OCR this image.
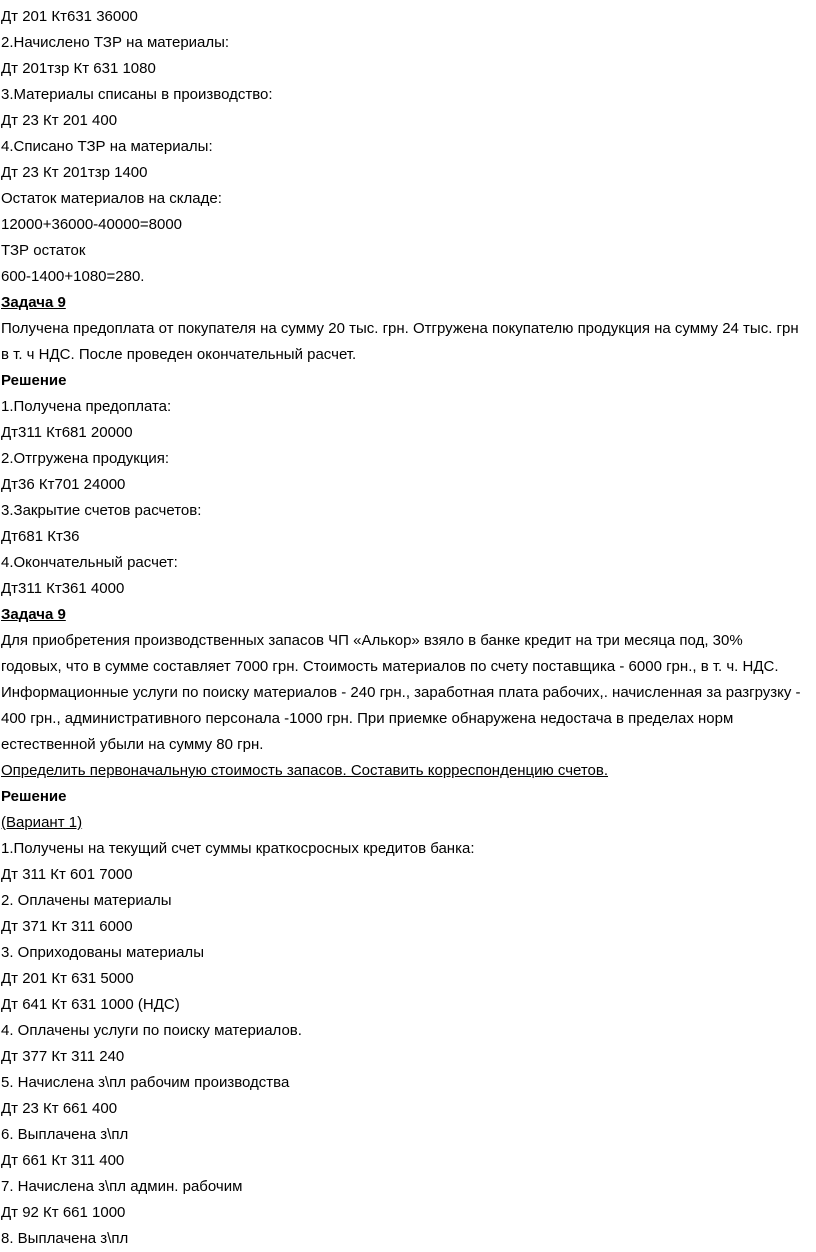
Дт 201 Кт631 36000
2.Начислено ТЗР на материалы:
Дт 201тзр Кт 631 1080
3.Материалы списаны в производство:
Дт 23 Кт 201 400
4.Списано ТЗР на материалы:
Дт 23 Кт 201тзр 1400
Остаток материалов на складе:
12000+36000-40000=8000
ТЗР остаток
600-1400+1080=280.
Задача 9
Получена предоплата от покупателя на сумму 20 тыс. грн. Отгружена покупателю продукция на сумму 24 тыс. грн
в т. ч НДС. После проведен окончательный расчет.
Решение
1.Получена предоплата:
Дт311 Кт681 20000
2.Отгружена продукция:
Дт36 Кт701 24000
3.Закрытие счетов расчетов:
Дт681 Кт36
4.Окончательный расчет:
Дт311 Кт361 4000
Задача 9
Для приобретения производственных запасов ЧП «Алькор» взяло в банке кредит на три месяца под, 30%
годовых, что в сумме составляет 7000 грн. Стоимость материалов по счету поставщика - 6000 грн., в т. ч. НДС.
Информационные услуги по поиску материалов - 240 грн., заработная плата рабочих,. начисленная за разгрузку -
400 грн., административного персонала -1000 грн. При приемке обнаружена недостача в пределах норм
естественной убыли на сумму 80 грн.
Определить первоначальную стоимость запасов. Составить корреспонденцию счетов.
Решение
(Вариант 1)
1.Получены на текущий счет суммы краткосросных кредитов банка:
Дт 311 Кт 601 7000
2. Оплачены материалы
Дт 371 Кт 311 6000
3. Оприходованы материалы
Дт 201 Кт 631 5000
Дт 641 Кт 631 1000 (НДС)
4. Оплачены услуги по поиску материалов.
Дт 377 Кт 311 240
5. Начислена з\пл рабочим производства
Дт 23 Кт 661 400
6. Выплачена з\пл
Дт 661 Кт 311 400
7. Начислена з\пл админ. рабочим
Дт 92 Кт 661 1000
8. Выплачена з\пл
